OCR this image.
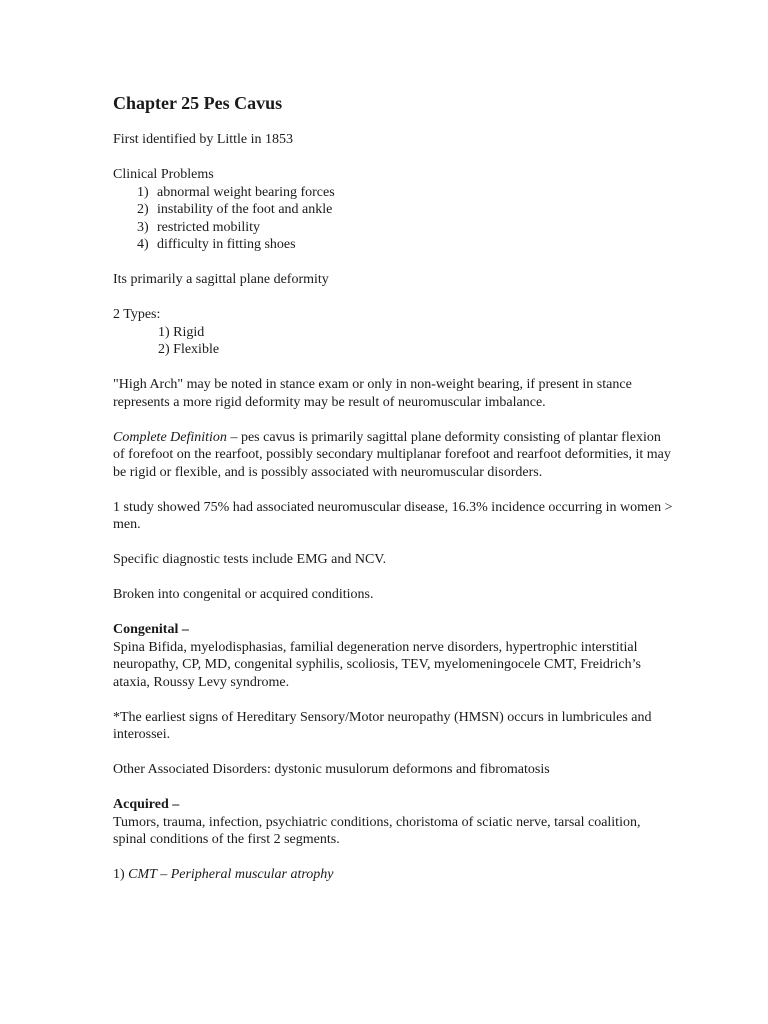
Chapter 25 Pes Cavus

First identified by Little in 1853

Clinical Problems

1) abnormal weight bearing forces
2) instability of the foot and ankle
3) restricted mobility
4) difficulty in fitting shoes

Its primarily a sagittal plane deformity

2 Types:

1) Rigid
2) Flexible

"High Arch" may be noted in stance exam or only in non-weight bearing, if present in stance represents a more rigid deformity may be result of neuromuscular imbalance.

Complete Definition – pes cavus is primarily sagittal plane deformity consisting of plantar flexion of forefoot on the rearfoot, possibly secondary multiplanar forefoot and rearfoot deformities, it may be rigid or flexible, and is possibly associated with neuromuscular disorders.

1 study showed 75% had associated neuromuscular disease, 16.3% incidence occurring in women > men.

Specific diagnostic tests include EMG and NCV.

Broken into congenital or acquired conditions.

Congenital –

Spina Bifida, myelodisphasias, familial degeneration nerve disorders, hypertrophic interstitial neuropathy, CP, MD, congenital syphilis, scoliosis, TEV, myelomeningocele CMT, Freidrich’s ataxia, Roussy Levy syndrome.

*The earliest signs of Hereditary Sensory/Motor neuropathy (HMSN) occurs in lumbricules and interossei.

Other Associated Disorders: dystonic musulorum deformons and fibromatosis

Acquired –

Tumors, trauma, infection, psychiatric conditions, choristoma of sciatic nerve, tarsal coalition, spinal conditions of the first 2 segments.

1) CMT – Peripheral muscular atrophy
